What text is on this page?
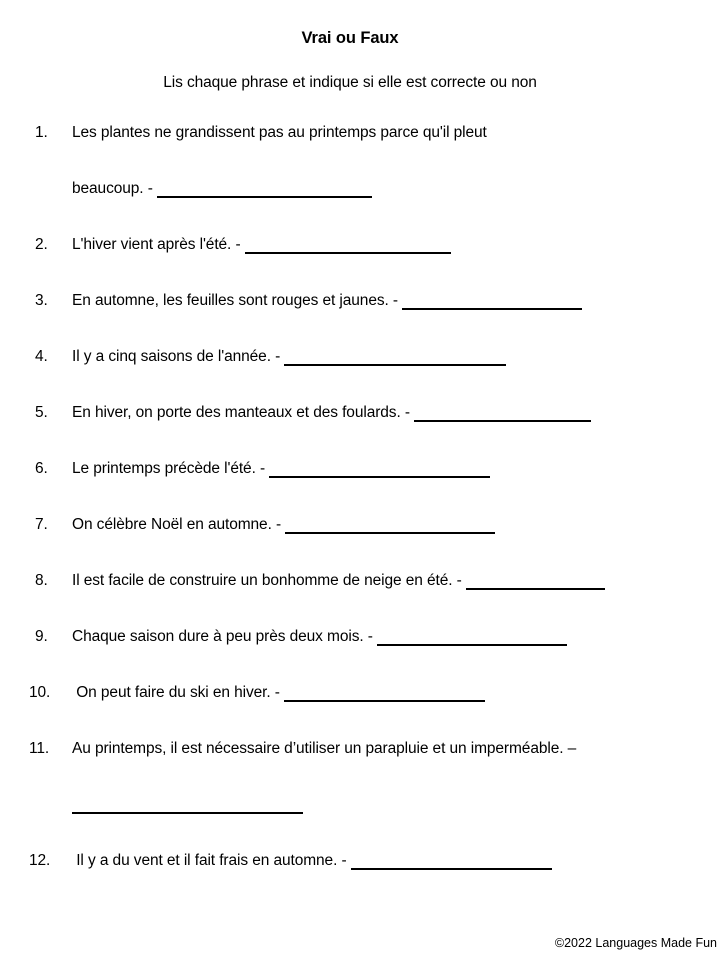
Vrai ou Faux
Lis chaque phrase et indique si elle est correcte ou non
1. Les plantes ne grandissent pas au printemps parce qu'il pleut
beaucoup. -
2. L'hiver vient après l'été. -
3. En automne, les feuilles sont rouges et jaunes. -
4. Il y a cinq saisons de l'année. -
5. En hiver, on porte des manteaux et des foulards. -
6. Le printemps précède l'été. -
7. On célèbre Noël en automne. -
8. Il est facile de construire un bonhomme de neige en été. -
9. Chaque saison dure à peu près deux mois. -
10. On peut faire du ski en hiver. -
11. Au printemps, il est nécessaire d’utiliser un parapluie et un imperméable. –
12. Il y a du vent et il fait frais en automne. -
©2022 Languages Made Fun
